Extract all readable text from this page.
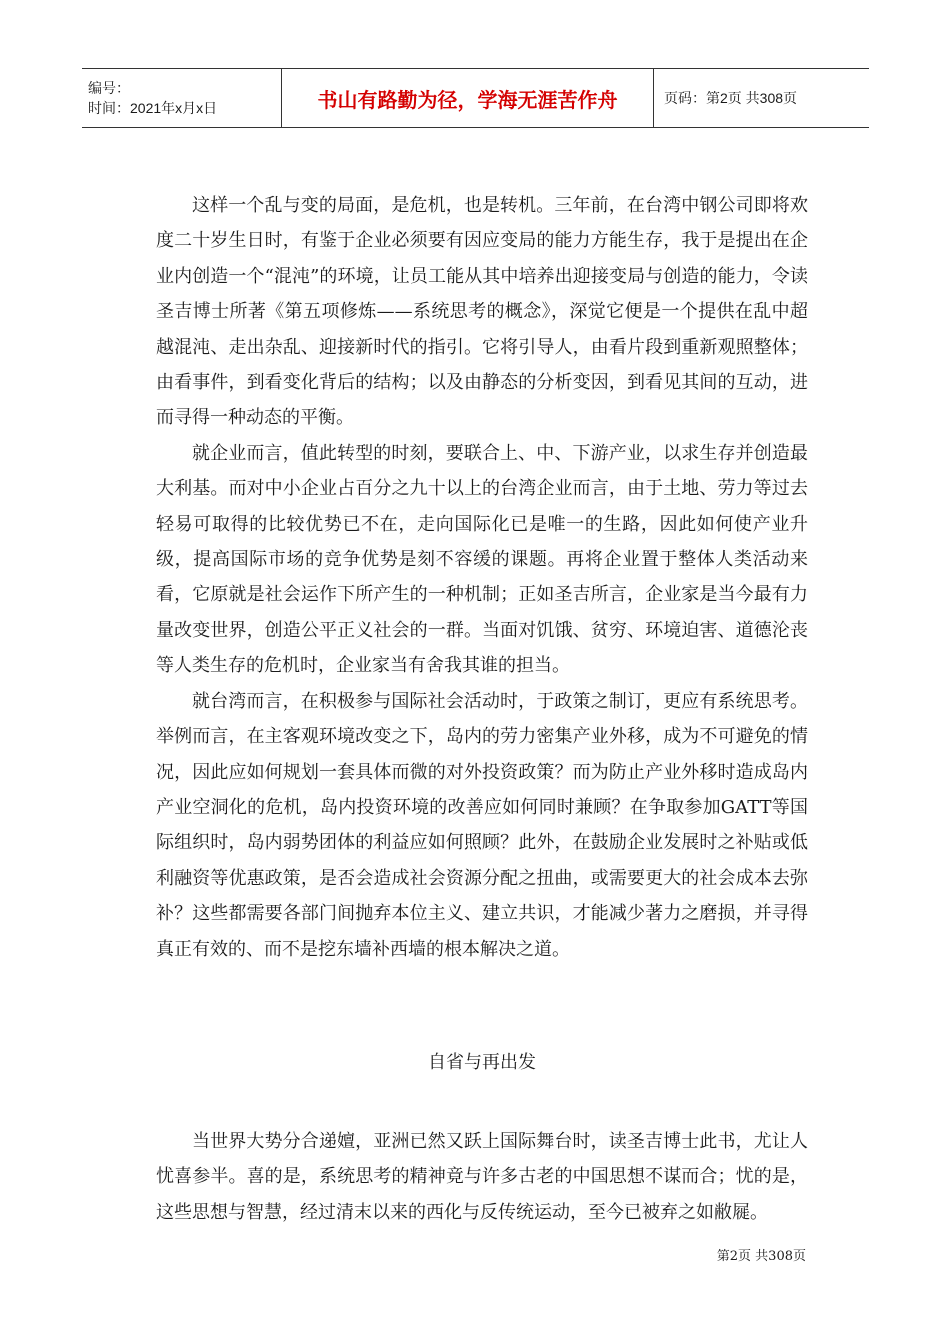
编号：
时间：2021年x月x日	书山有路勤为径，学海无涯苦作舟	页码：第2页 共308页

这样一个乱与变的局面，是危机，也是转机。三年前，在台湾中钢公司即将欢度二十岁生日时，有鉴于企业必须要有因应变局的能力方能生存，我于是提出在企业内创造一个“混沌”的环境，让员工能从其中培养出迎接变局与创造的能力，令读圣吉博士所著《第五项修炼——系统思考的概念》，深觉它便是一个提供在乱中超越混沌、走出杂乱、迎接新时代的指引。它将引导人，由看片段到重新观照整体；由看事件，到看变化背后的结构；以及由静态的分析变因，到看见其间的互动，进而寻得一种动态的平衡。

就企业而言，值此转型的时刻，要联合上、中、下游产业，以求生存并创造最大利基。而对中小企业占百分之九十以上的台湾企业而言，由于土地、劳力等过去轻易可取得的比较优势已不在，走向国际化已是唯一的生路，因此如何使产业升级，提高国际市场的竞争优势是刻不容缓的课题。再将企业置于整体人类活动来看，它原就是社会运作下所产生的一种机制；正如圣吉所言，企业家是当今最有力量改变世界，创造公平正义社会的一群。当面对饥饿、贫穷、环境迫害、道德沦丧等人类生存的危机时，企业家当有舍我其谁的担当。

就台湾而言，在积极参与国际社会活动时，于政策之制订，更应有系统思考。举例而言，在主客观环境改变之下，岛内的劳力密集产业外移，成为不可避免的情况，因此应如何规划一套具体而微的对外投资政策？而为防止产业外移时造成岛内产业空洞化的危机，岛内投资环境的改善应如何同时兼顾？在争取参加GATT等国际组织时，岛内弱势团体的利益应如何照顾？此外，在鼓励企业发展时之补贴或低利融资等优惠政策，是否会造成社会资源分配之扭曲，或需要更大的社会成本去弥补？这些都需要各部门间抛弃本位主义、建立共识，才能减少著力之磨损，并寻得真正有效的、而不是挖东墙补西墙的根本解决之道。

自省与再出发

当世界大势分合递嬗，亚洲已然又跃上国际舞台时，读圣吉博士此书，尤让人忧喜参半。喜的是，系统思考的精神竟与许多古老的中国思想不谋而合；忧的是，这些思想与智慧，经过清末以来的西化与反传统运动，至今已被弃之如敝屣。

第2页 共308页
